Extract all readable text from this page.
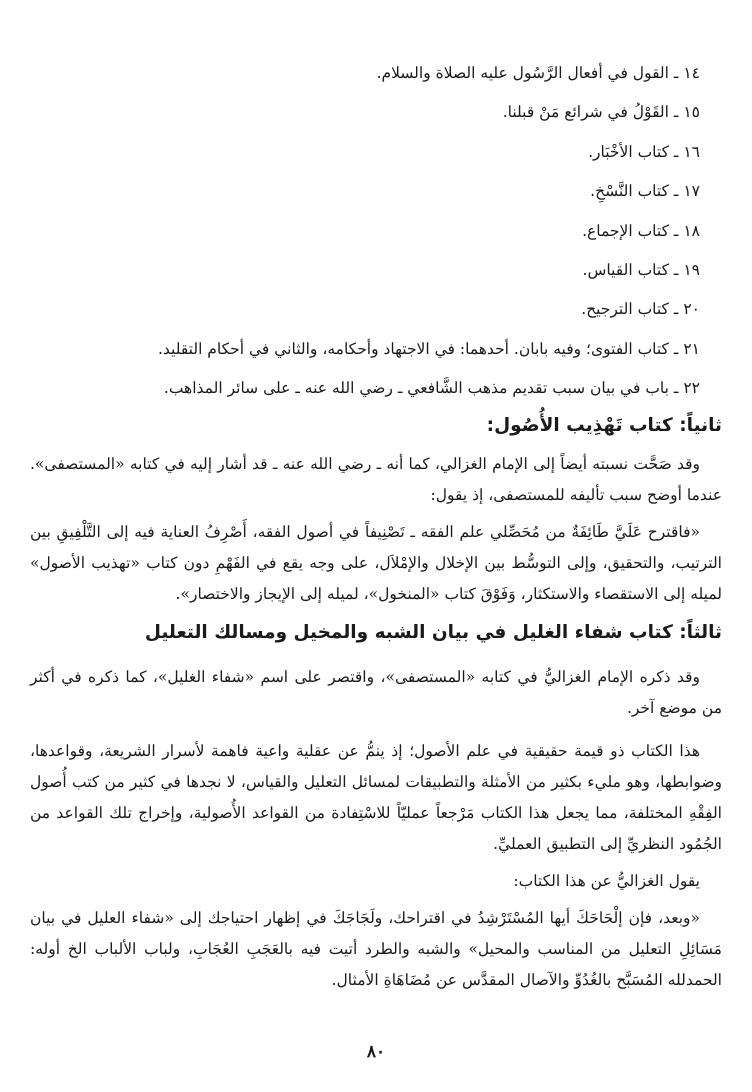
١٤ ـ القول في أفعال الرَّسُول عليه الصلاة والسلام.
١٥ ـ القَوْلُ في شرائع مَنْ قبلنا.
١٦ ـ كتاب الأخْبَار.
١٧ ـ كتاب النَّسْخِ.
١٨ ـ كتاب الإجماع.
١٩ ـ كتاب القياس.
٢٠ ـ كتاب الترجيح.
٢١ ـ كتاب الفتوى؛ وفيه بابان. أحدهما: في الاجتهاد وأحكامه، والثاني في أحكام التقليد.
٢٢ ـ باب في بيان سبب تقديم مذهب الشَّافعي ـ رضي الله عنه ـ على سائر المذاهب.
ثانياً: كتاب تَهْذِيب الأُصُول:

وقد صَحَّت نسبته أيضاً إلى الإمام الغزالي، كما أنه ـ رضي الله عنه ـ قد أشار إليه في كتابه «المستصفى». عندما أوضح سبب تأليفه للمستصفى، إذ يقول:

«فاقترح عَلَيَّ طَائِفَةٌ من مُحَصِّلي علم الفقه ـ تَصْنِيفاً في أصول الفقه، أَصْرِفُ العناية فيه إلى التَّلْفِيقِ بين الترتيب، والتحقيق، وإلى التوسُّط بين الإخلال والإمْلاَل، على وجه يقع في الفَهْمِ دون كتاب «تهذيب الأصول» لميله إلى الاستقصاء والاستكثار، وَفَوْقَ كتاب «المنخول»، لميله إلى الإيجاز والاختصار».

ثالثاً: كتاب شفاء الغليل في بيان الشبه والمخيل ومسالك التعليل

وقد ذكره الإمام الغزاليُّ في كتابه «المستصفى»، واقتصر على اسم «شفاء الغليل»، كما ذكره في أكثر من موضع آخر.

هذا الكتاب ذو قيمة حقيقية في علم الأصول؛ إذ ينمُّ عن عقلية واعية فاهمة لأسرار الشريعة، وقواعدها، وضوابطها، وهو مليء بكثير من الأمثلة والتطبيقات لمسائل التعليل والقياس، لا نجدها في كثير من كتب أُصول الفِقْهِ المختلفة، مما يجعل هذا الكتاب مَرْجعاً عمليّاً للاسْتِفادة من القواعد الأُصولية، وإخراج تلك القواعد من الجُمُود النظريِّ إلى التطبيق العمليِّ.

يقول الغزاليُّ عن هذا الكتاب:

«وبعد، فإن إلْحَاحَكَ أيها المُسْتَرْشِدُ في اقتراحك، ولَجَاجَكَ في إظهار احتياجك إلى «شفاء العليل في بيان مَسَائِلِ التعليل من المناسب والمحيل» والشبه والطرد أتيت فيه بالعَجَبِ العُجَابِ، ولباب الألباب الخ أوله: الحمدلله المُسَبَّح بالغُدُوِّ والآصال المقدَّس عن مُضَاهَاةِ الأمثال.

٨٠
